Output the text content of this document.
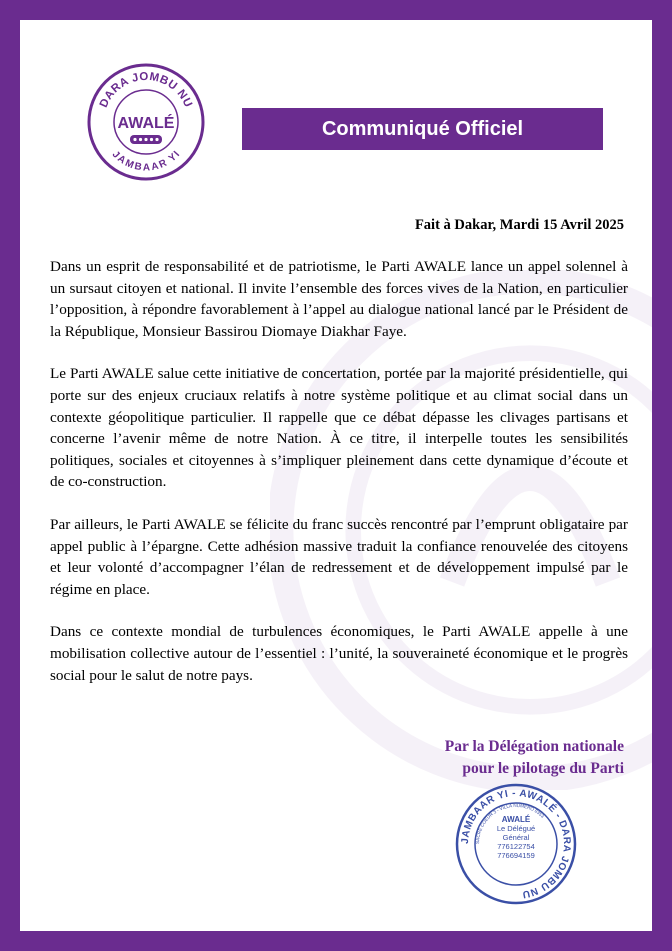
DARA JOMBU NU
JAMBAAR YI
AWALÉ	Communiqué Officiel
Fait à Dakar, Mardi 15 Avril 2025

Dans un esprit de responsabilité et de patriotisme, le Parti AWALE lance un appel solennel à un sursaut citoyen et national. Il invite l’ensemble des forces vives de la Nation, en particulier l’opposition, à répondre favorablement à l’appel au dialogue national lancé par le Président de la République, Monsieur Bassirou Diomaye Diakhar Faye.

Le Parti AWALE salue cette initiative de concertation, portée par la majorité présidentielle, qui porte sur des enjeux cruciaux relatifs à notre système politique et au climat social dans un contexte géopolitique particulier. Il rappelle que ce débat dépasse les clivages partisans et concerne l’avenir même de notre Nation. À ce titre, il interpelle toutes les sensibilités politiques, sociales et citoyennes à s’impliquer pleinement dans cette dynamique d’écoute et de co-construction.

Par ailleurs, le Parti AWALE se félicite du franc succès rencontré par l’emprunt obligataire par appel public à l’épargne. Cette adhésion massive traduit la confiance renouvelée des citoyens et leur volonté d’accompagner l’élan de redressement et de développement impulsé par le régime en place.

Dans ce contexte mondial de turbulences économiques, le Parti AWALE appelle à une mobilisation collective autour de l’essentiel : l’unité, la souveraineté économique et le progrès social pour le salut de notre pays.

Par la Délégation nationale
pour le pilotage du Parti
JAMBAAR YI - AWALÉ - DARA JOMBU NU
SACRE COEUR 3 - VILLA NUMERO 8353
AWALÉ
Le Délégué
Général
776122754
776694159
